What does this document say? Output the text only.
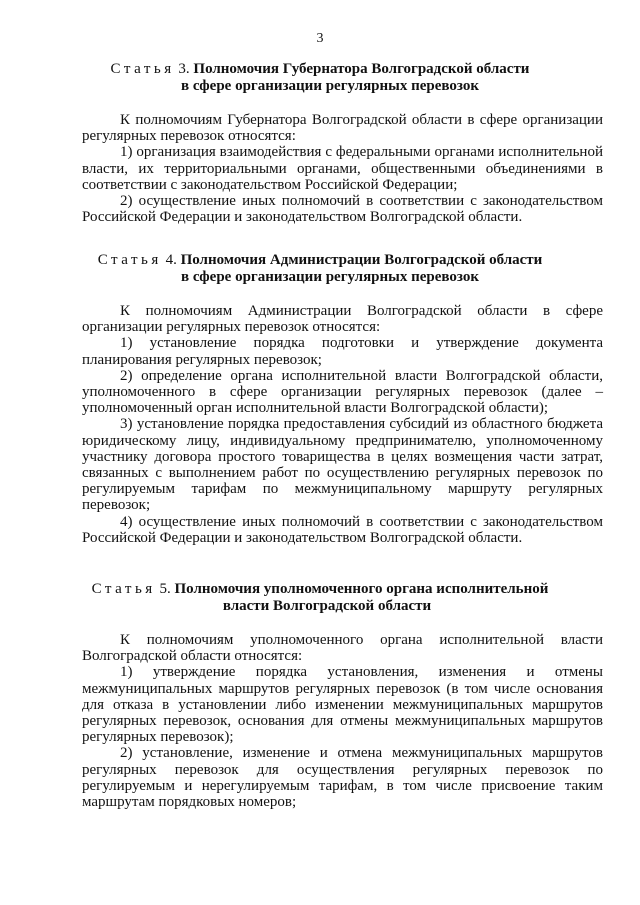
3
Статья 3. Полномочия Губернатора Волгоградской области
в сфере организации регулярных перевозок

К полномочиям Губернатора Волгоградской области в сфере организации регулярных перевозок относятся:

1) организация взаимодействия с федеральными органами исполнительной власти, их территориальными органами, общественными объединениями в соответствии с законодательством Российской Федерации;

2) осуществление иных полномочий в соответствии с законодательством Российской Федерации и законодательством Волгоградской области.

Статья 4. Полномочия Администрации Волгоградской области
в сфере организации регулярных перевозок

К полномочиям Администрации Волгоградской области в сфере организации регулярных перевозок относятся:

1) установление порядка подготовки и утверждение документа планирования регулярных перевозок;

2) определение органа исполнительной власти Волгоградской области, уполномоченного в сфере организации регулярных перевозок (далее – уполномоченный орган исполнительной власти Волгоградской области);

3) установление порядка предоставления субсидий из областного бюджета юридическому лицу, индивидуальному предпринимателю, уполномоченному участнику договора простого товарищества в целях возмещения части затрат, связанных с выполнением работ по осуществлению регулярных перевозок по регулируемым тарифам по межмуниципальному маршруту регулярных перевозок;

4) осуществление иных полномочий в соответствии с законодательством Российской Федерации и законодательством Волгоградской области.

Статья 5. Полномочия уполномоченного органа исполнительной
власти Волгоградской области

К полномочиям уполномоченного органа исполнительной власти Волгоградской области относятся:

1) утверждение порядка установления, изменения и отмены межмуниципальных маршрутов регулярных перевозок (в том числе основания для отказа в установлении либо изменении межмуниципальных маршрутов регулярных перевозок, основания для отмены межмуниципальных маршрутов регулярных перевозок);

2) установление, изменение и отмена межмуниципальных маршрутов регулярных перевозок для осуществления регулярных перевозок по регулируемым и нерегулируемым тарифам, в том числе присвоение таким маршрутам порядковых номеров;
